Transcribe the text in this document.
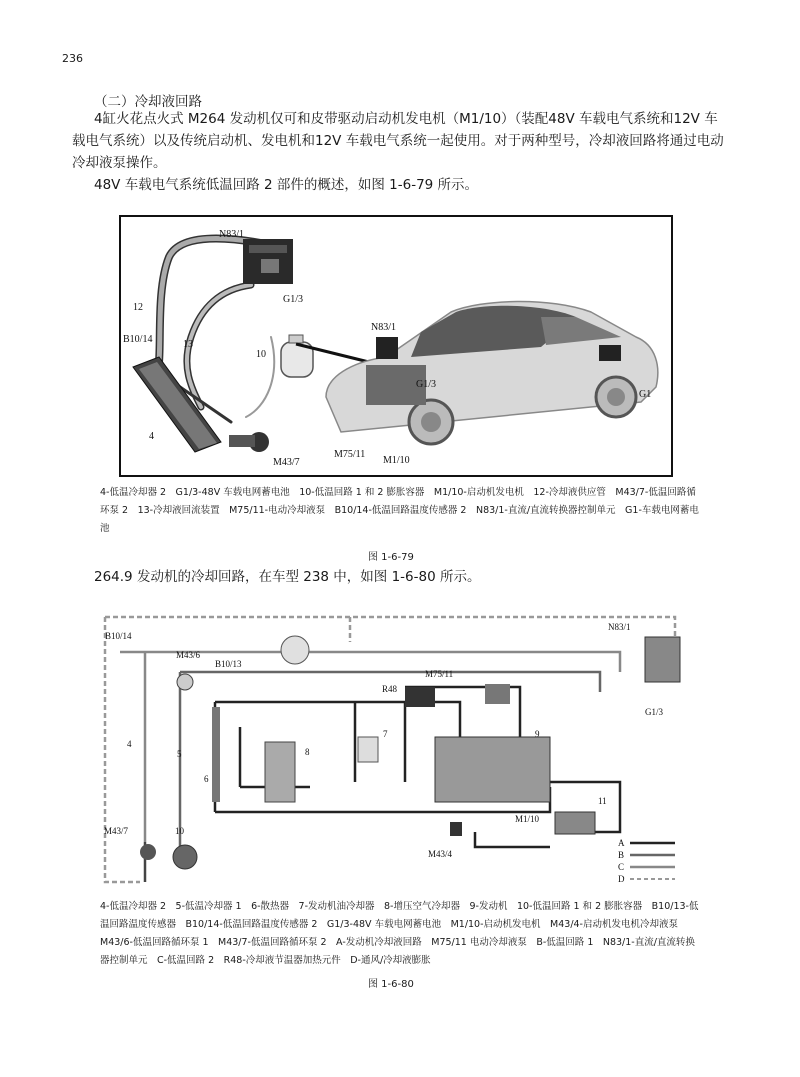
236
（二）冷却液回路
4缸火花点火式 M264 发动机仅可和皮带驱动启动机发电机（M1/10）（装配48V 车载电气系统和12V 车载电气系统）以及传统启动机、发电机和12V 车载电气系统一起使用。对于两种型号，冷却液回路将通过电动冷却液泵操作。
48V 车载电气系统低温回路 2 部件的概述，如图 1-6-79 所示。
N83/1
G1/3
12
B10/14	13
10
4
M43/7
N83/1
G1/3
M75/11
M1/10
G1
4-低温冷却器 2　G1/3-48V 车载电网蓄电池　10-低温回路 1 和 2 膨胀容器　M1/10-启动机发电机　12-冷却液供应管　M43/7-低温回路循环泵 2　13-冷却液回流装置　M75/11-电动冷却液泵　B10/14-低温回路温度传感器 2　N83/1-直流/直流转换器控制单元　G1-车载电网蓄电池
图 1-6-79
264.9 发动机的冷却回路，在车型 238 中，如图 1-6-80 所示。
B10/14
M43/6
B10/13
N83/1
R48
M75/11
G1/3
9
7
8
4
5
6
11
M43/7	10
M43/4
M1/10
A
B
C
D
4-低温冷却器 2　5-低温冷却器 1　6-散热器　7-发动机油冷却器　8-增压空气冷却器　9-发动机　10-低温回路 1 和 2 膨胀容器　B10/13-低温回路温度传感器　B10/14-低温回路温度传感器 2　G1/3-48V 车载电网蓄电池　M1/10-启动机发电机　M43/4-启动机发电机冷却液泵　M43/6-低温回路循环泵 1　M43/7-低温回路循环泵 2　A-发动机冷却液回路　M75/11 电动冷却液泵　B-低温回路 1　N83/1-直流/直流转换器控制单元　C-低温回路 2　R48-冷却液节温器加热元件　D-通风/冷却液膨胀
图 1-6-80
